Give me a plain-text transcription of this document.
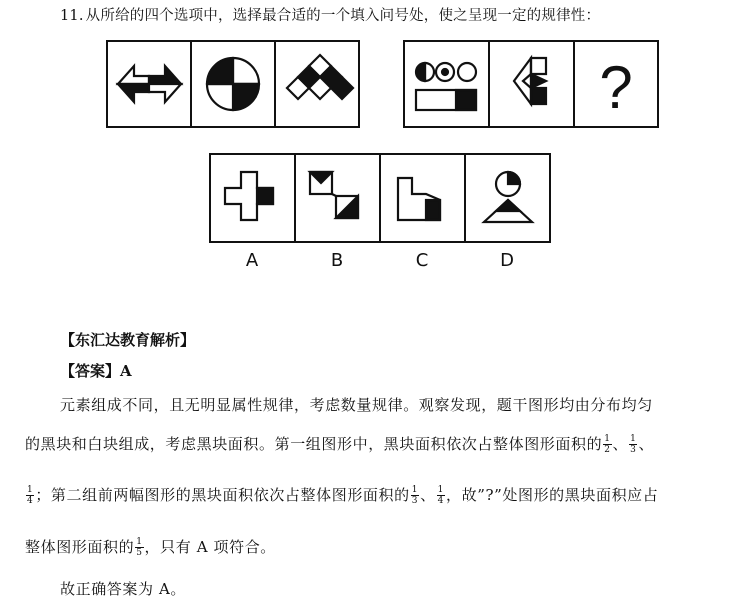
11. 从所给的四个选项中，选择最合适的一个填入问号处，使之呈现一定的规律性：
?
A	B	C	D
【东汇达教育解析】
【答案】A
元素组成不同，且无明显属性规律，考虑数量规律。观察发现，题干图形均由分布均匀
的黑块和白块组成，考虑黑块面积。第一组图形中，黑块面积依次占整体图形面积的 $\frac{1}{2}$ 、 $\frac{1}{3}$ 、
$\frac{1}{4}$ ；第二组前两幅图形的黑块面积依次占整体图形面积的 $\frac{1}{3}$ 、 $\frac{1}{4}$ ，故”?”处图形的黑块面积应占
整体图形面积的 $\frac{1}{5}$ ，只有 A 项符合。
故正确答案为 A。
